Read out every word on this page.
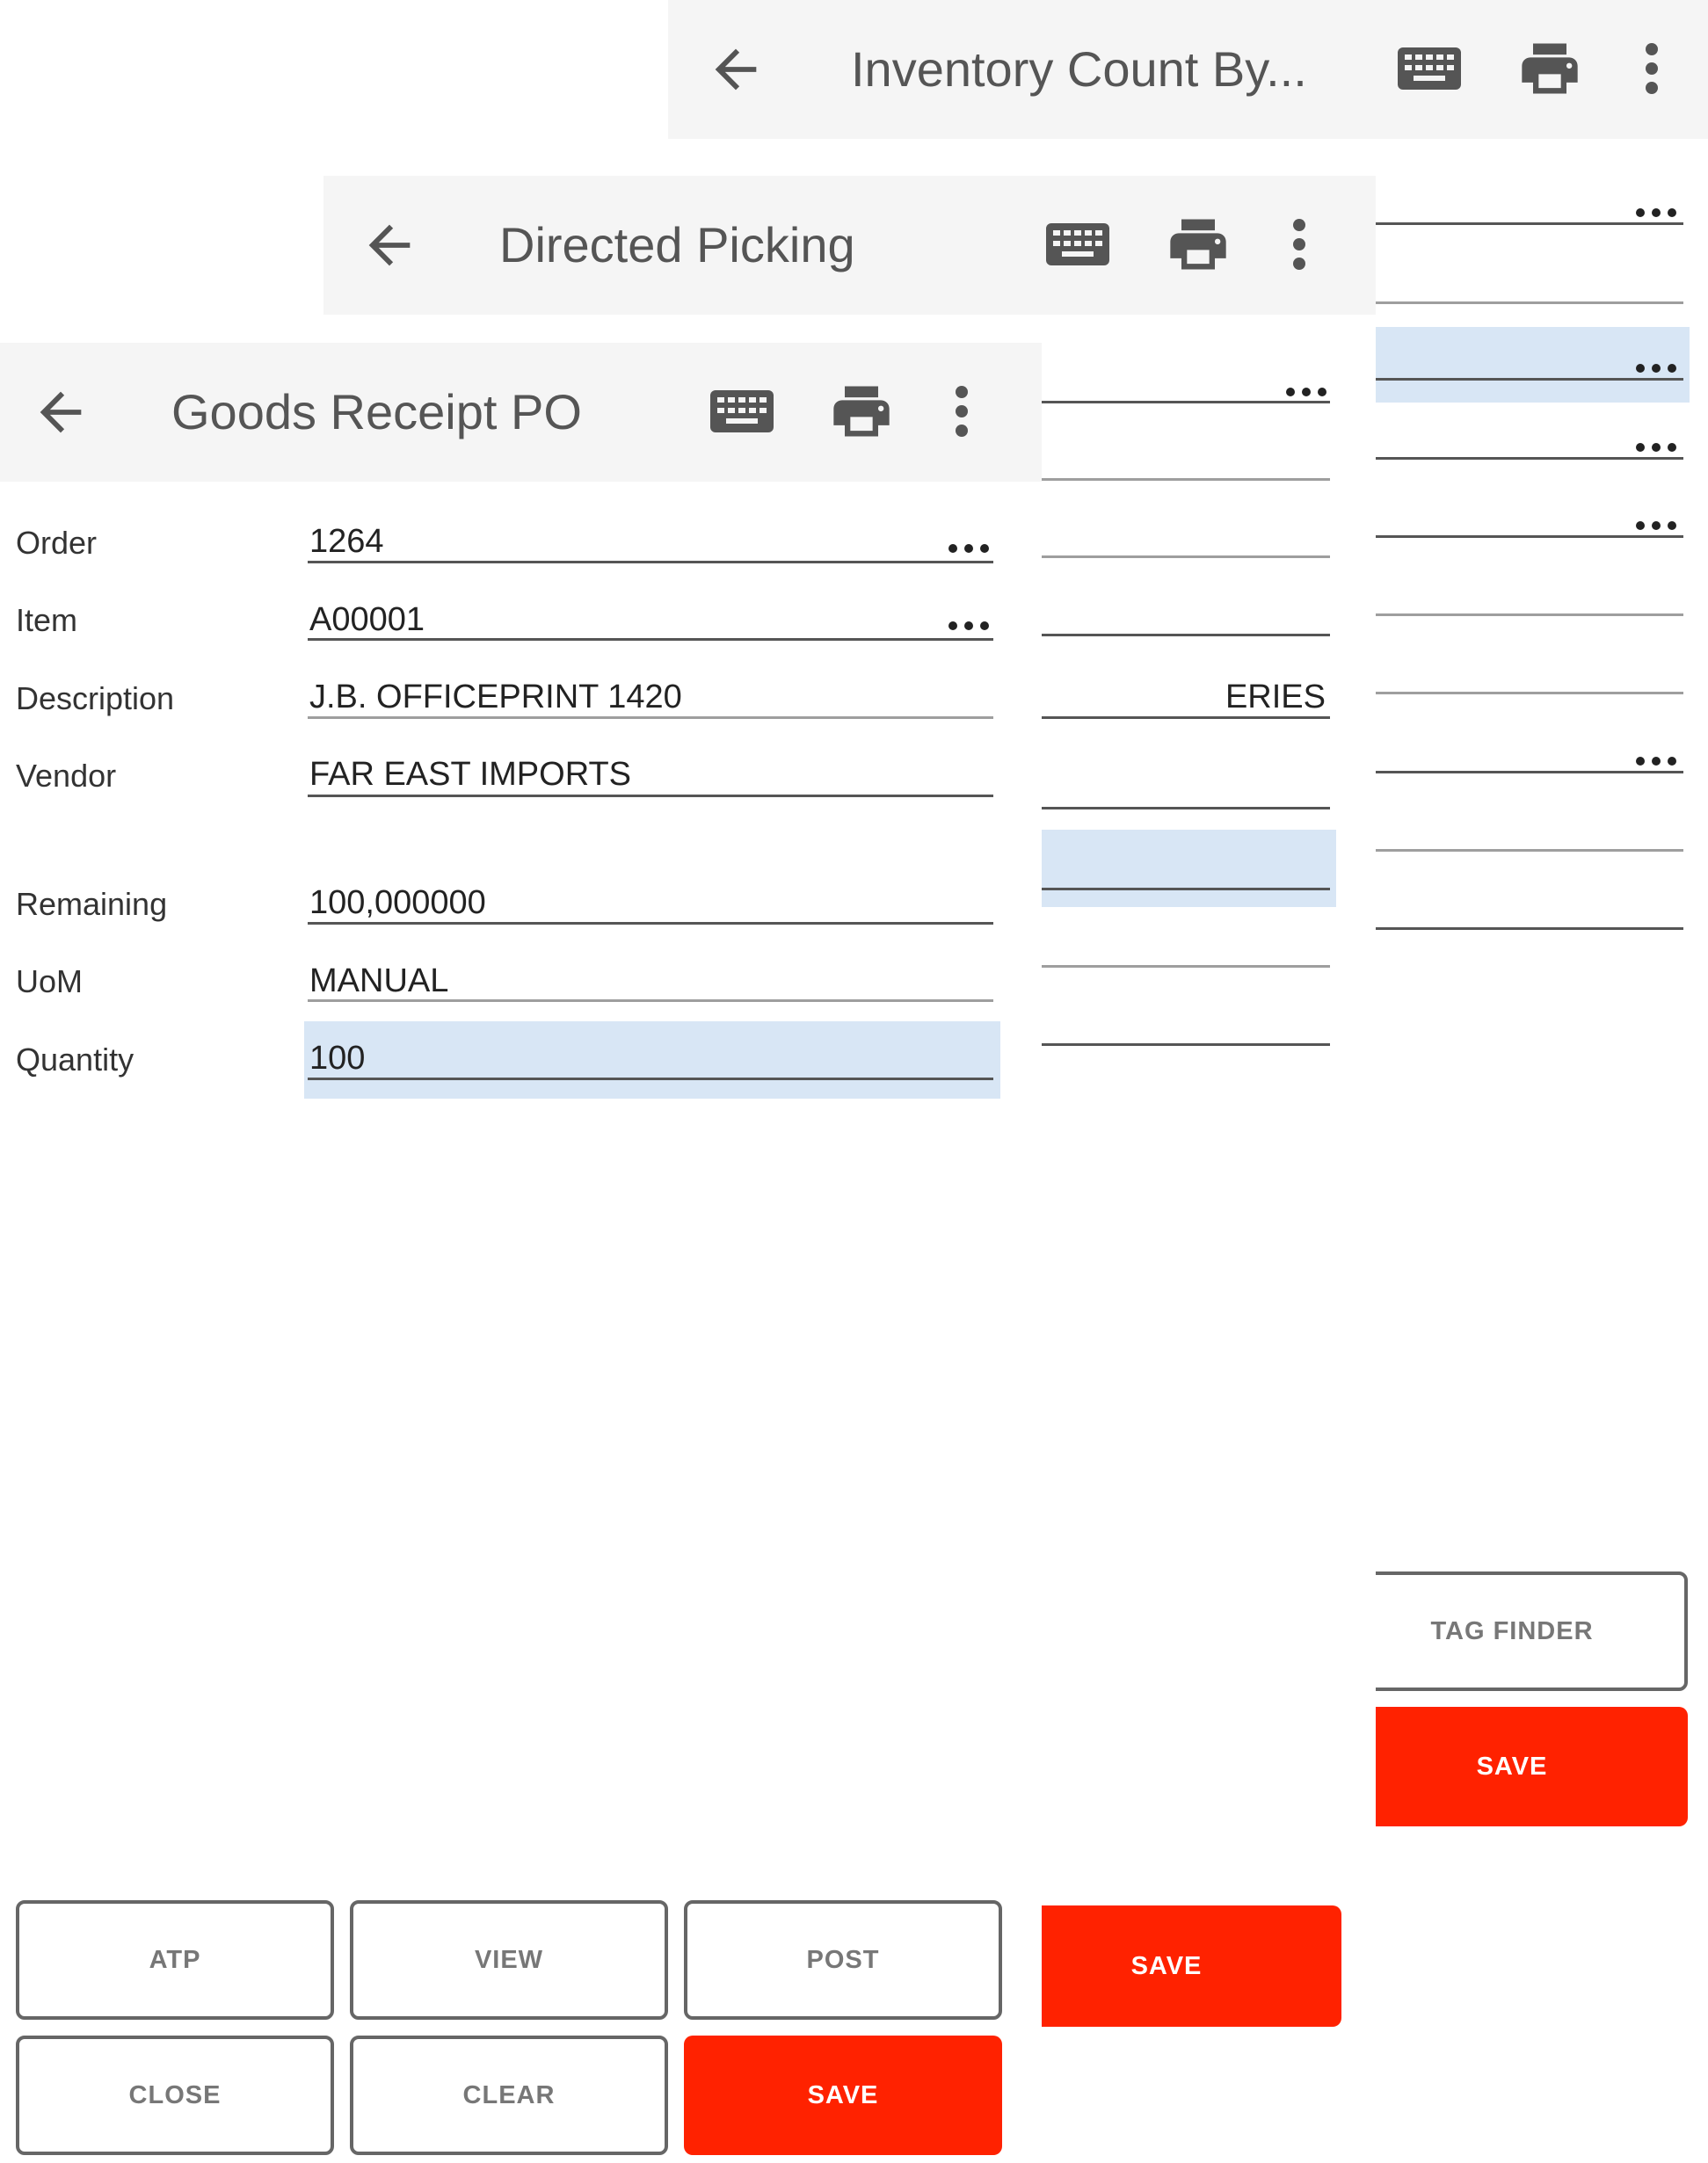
Inventory Count By...
TAG FINDER
SAVE
Directed Picking
ERIES
SAVE
Goods Receipt PO
Order	1264
Item	A00001
Description	J.B. OFFICEPRINT 1420
Vendor	FAR EAST IMPORTS
Remaining	100,000000
UoM	MANUAL
Quantity	100
ATP	VIEW	POST
CLOSE	CLEAR	SAVE
